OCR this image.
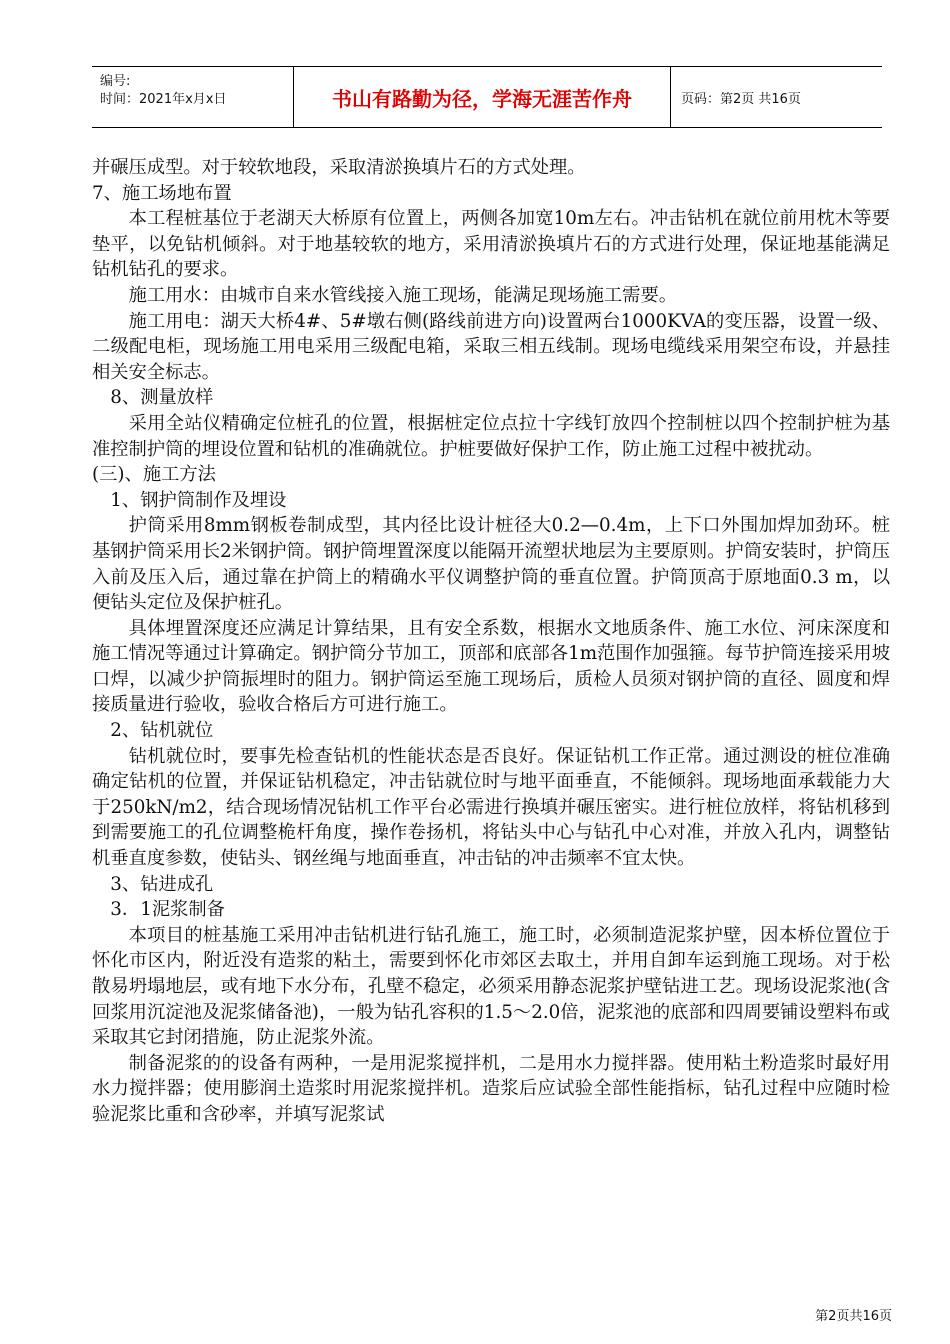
编号:
时间：2021年x月x日	书山有路勤为径，学海无涯苦作舟	页码：第2页 共16页

并碾压成型。对于较软地段，采取清淤换填片石的方式处理。

7、施工场地布置

本工程桩基位于老湖天大桥原有位置上，两侧各加宽10m左右。冲击钻机在就位前用枕木等要垫平，以免钻机倾斜。对于地基较软的地方，采用清淤换填片石的方式进行处理，保证地基能满足钻机钻孔的要求。

施工用水：由城市自来水管线接入施工现场，能满足现场施工需要。

施工用电：湖天大桥4#、5#墩右侧(路线前进方向)设置两台1000KVA的变压器，设置一级、二级配电柜，现场施工用电采用三级配电箱，采取三相五线制。现场电缆线采用架空布设，并悬挂相关安全标志。

8、测量放样

采用全站仪精确定位桩孔的位置，根据桩定位点拉十字线钉放四个控制桩以四个控制护桩为基准控制护筒的埋设位置和钻机的准确就位。护桩要做好保护工作，防止施工过程中被扰动。

(三)、施工方法

1、钢护筒制作及埋设

护筒采用8mm钢板卷制成型，其内径比设计桩径大0.2—0.4m，上下口外围加焊加劲环。桩基钢护筒采用长2米钢护筒。钢护筒埋置深度以能隔开流塑状地层为主要原则。护筒安装时，护筒压入前及压入后，通过靠在护筒上的精确水平仪调整护筒的垂直位置。护筒顶高于原地面0.3 m，以便钻头定位及保护桩孔。

具体埋置深度还应满足计算结果，且有安全系数，根据水文地质条件、施工水位、河床深度和施工情况等通过计算确定。钢护筒分节加工，顶部和底部各1m范围作加强箍。每节护筒连接采用坡口焊，以减少护筒振埋时的阻力。钢护筒运至施工现场后，质检人员须对钢护筒的直径、圆度和焊接质量进行验收，验收合格后方可进行施工。

2、钻机就位

钻机就位时，要事先检查钻机的性能状态是否良好。保证钻机工作正常。通过测设的桩位准确确定钻机的位置，并保证钻机稳定，冲击钻就位时与地平面垂直，不能倾斜。现场地面承载能力大于250kN/m2，结合现场情况钻机工作平台必需进行换填并碾压密实。进行桩位放样，将钻机移到到需要施工的孔位调整桅杆角度，操作卷扬机，将钻头中心与钻孔中心对准，并放入孔内，调整钻机垂直度参数，使钻头、钢丝绳与地面垂直，冲击钻的冲击频率不宜太快。

3、钻进成孔

3．1泥浆制备

本项目的桩基施工采用冲击钻机进行钻孔施工，施工时，必须制造泥浆护壁，因本桥位置位于怀化市区内，附近没有造浆的粘土，需要到怀化市郊区去取土，并用自卸车运到施工现场。对于松散易坍塌地层，或有地下水分布，孔壁不稳定，必须采用静态泥浆护壁钻进工艺。现场设泥浆池(含回浆用沉淀池及泥浆储备池)，一般为钻孔容积的1.5～2.0倍，泥浆池的底部和四周要铺设塑料布或采取其它封闭措施，防止泥浆外流。

制备泥浆的的设备有两种，一是用泥浆搅拌机，二是用水力搅拌器。使用粘土粉造浆时最好用水力搅拌器；使用膨润土造浆时用泥浆搅拌机。造浆后应试验全部性能指标，钻孔过程中应随时检验泥浆比重和含砂率，并填写泥浆试

第2页共16页
